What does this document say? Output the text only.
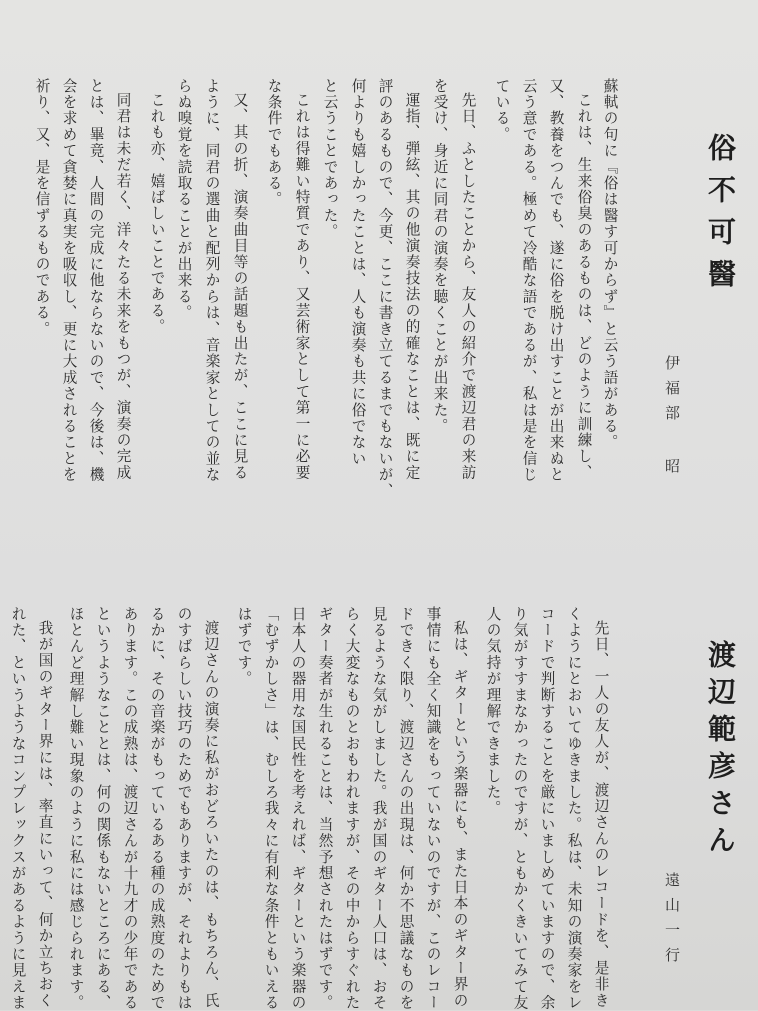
俗不可醫
伊福部 昭
蘇軾の句に『俗は醫す可からず』と云う語がある。
これは、生来俗臭のあるものは、どのように訓練し、
又、教養をつんでも、遂に俗を脱け出すことが出来ぬと
云う意である。極めて冷酷な語であるが、私は是を信じ
ている。
先日、ふとしたことから、友人の紹介で渡辺君の来訪
を受け、身近に同君の演奏を聴くことが出来た。
運指、弾絃、其の他演奏技法の的確なことは、既に定
評のあるもので、今更、ここに書き立てるまでもないが、
何よりも嬉しかったことは、人も演奏も共に俗でない
と云うことであった。
これは得難い特質であり、又芸術家として第一に必要
な条件でもある。
又、其の折、演奏曲目等の話題も出たが、ここに見る
ように、同君の選曲と配列からは、音楽家としての並な
らぬ嗅覚を読取ることが出来る。
これも亦、嬉ばしいことである。
同君は未だ若く、洋々たる未来をもつが、演奏の完成
とは、畢竟、人間の完成に他ならないので、今後は、機
会を求めて貪婪に真実を吸収し、更に大成されることを
祈り、又、是を信ずるものである。
渡辺範彦さん
遠山一行
先日、一人の友人が、渡辺さんのレコードを、是非き
くようにとおいてゆきました。私は、未知の演奏家をレ
コードで判断することを厳にいましめていますので、余
り気がすすまなかったのですが、ともかくきいてみて友
人の気持が理解できました。
私は、ギターという楽器にも、また日本のギター界の
事情にも全く知識をもっていないのですが、このレコー
ドできく限り、渡辺さんの出現は、何か不思議なものを
見るような気がしました。我が国のギター人口は、おそ
らく大変なものとおもわれますが、その中からすぐれた
ギター奏者が生れることは、当然予想されたはずです。
日本人の器用な国民性を考えれば、ギターという楽器の
「むずかしさ」は、むしろ我々に有利な条件ともいえる
はずです。
渡辺さんの演奏に私がおどろいたのは、もちろん、氏
のすばらしい技巧のためでもありますが、それよりもは
るかに、その音楽がもっているある種の成熟度のためで
あります。この成熟は、渡辺さんが十九才の少年である
というようなこととは、何の関係もないところにある、
ほとんど理解し難い現象のように私には感じられます。
我が国のギター界には、率直にいって、何か立ちおく
れた、というようなコンプレックスがあるように見えま
